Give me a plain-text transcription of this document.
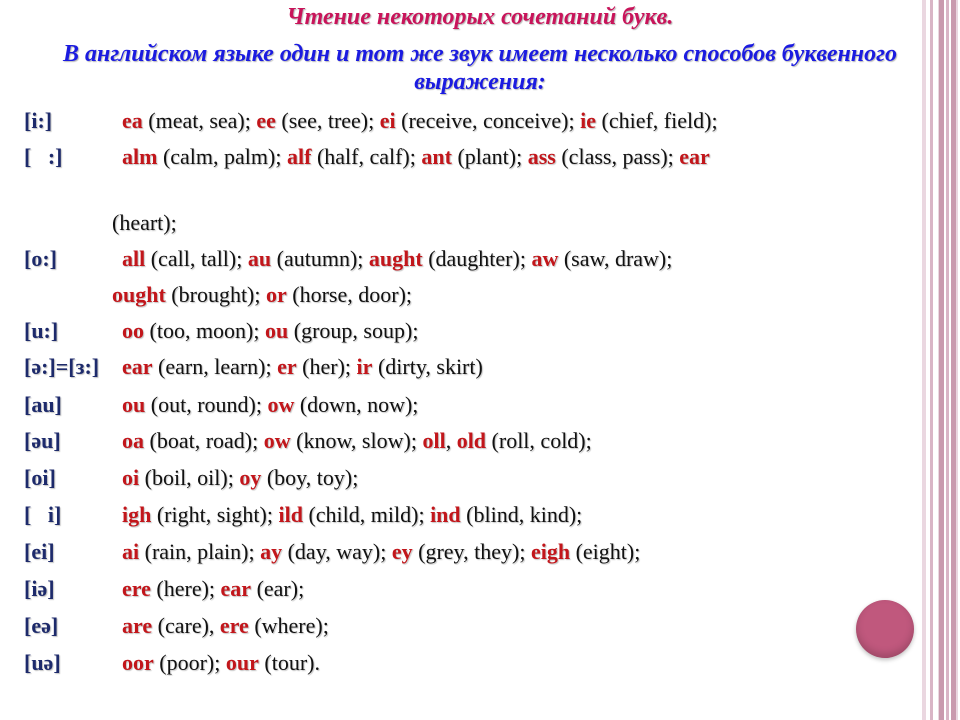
Чтение некоторых сочетаний букв.
В английском языке один и тот же звук имеет несколько способов буквенного выражения:
[i:]	ea (meat, sea); ee (see, tree); ei (receive, conceive); ie (chief, field);
[   :]	alm (calm, palm); alf (half, calf); ant (plant); ass (class, pass); ear
(heart);
[o:]	all (call, tall); au (autumn); aught (daughter); aw (saw, draw);
ought (brought); or (horse, door);
[u:]	oo (too, moon); ou (group, soup);
[ә:]=[з:] ear (earn, learn); er (her); ir (dirty, skirt)
[au]	ou (out, round); ow (down, now);
[әu]	oa (boat, road); ow (know, slow); oll, old (roll, cold);
[oi]	oi (boil, oil); oy (boy, toy);
[   i]	igh (right, sight); ild (child, mild); ind (blind, kind);
[ei]	ai (rain, plain); ay (day, way); ey (grey, they); eigh (eight);
[iә]	ere (here); ear (ear);
[eә]	are (care), ere (where);
[uә]	oor (poor); our (tour).
